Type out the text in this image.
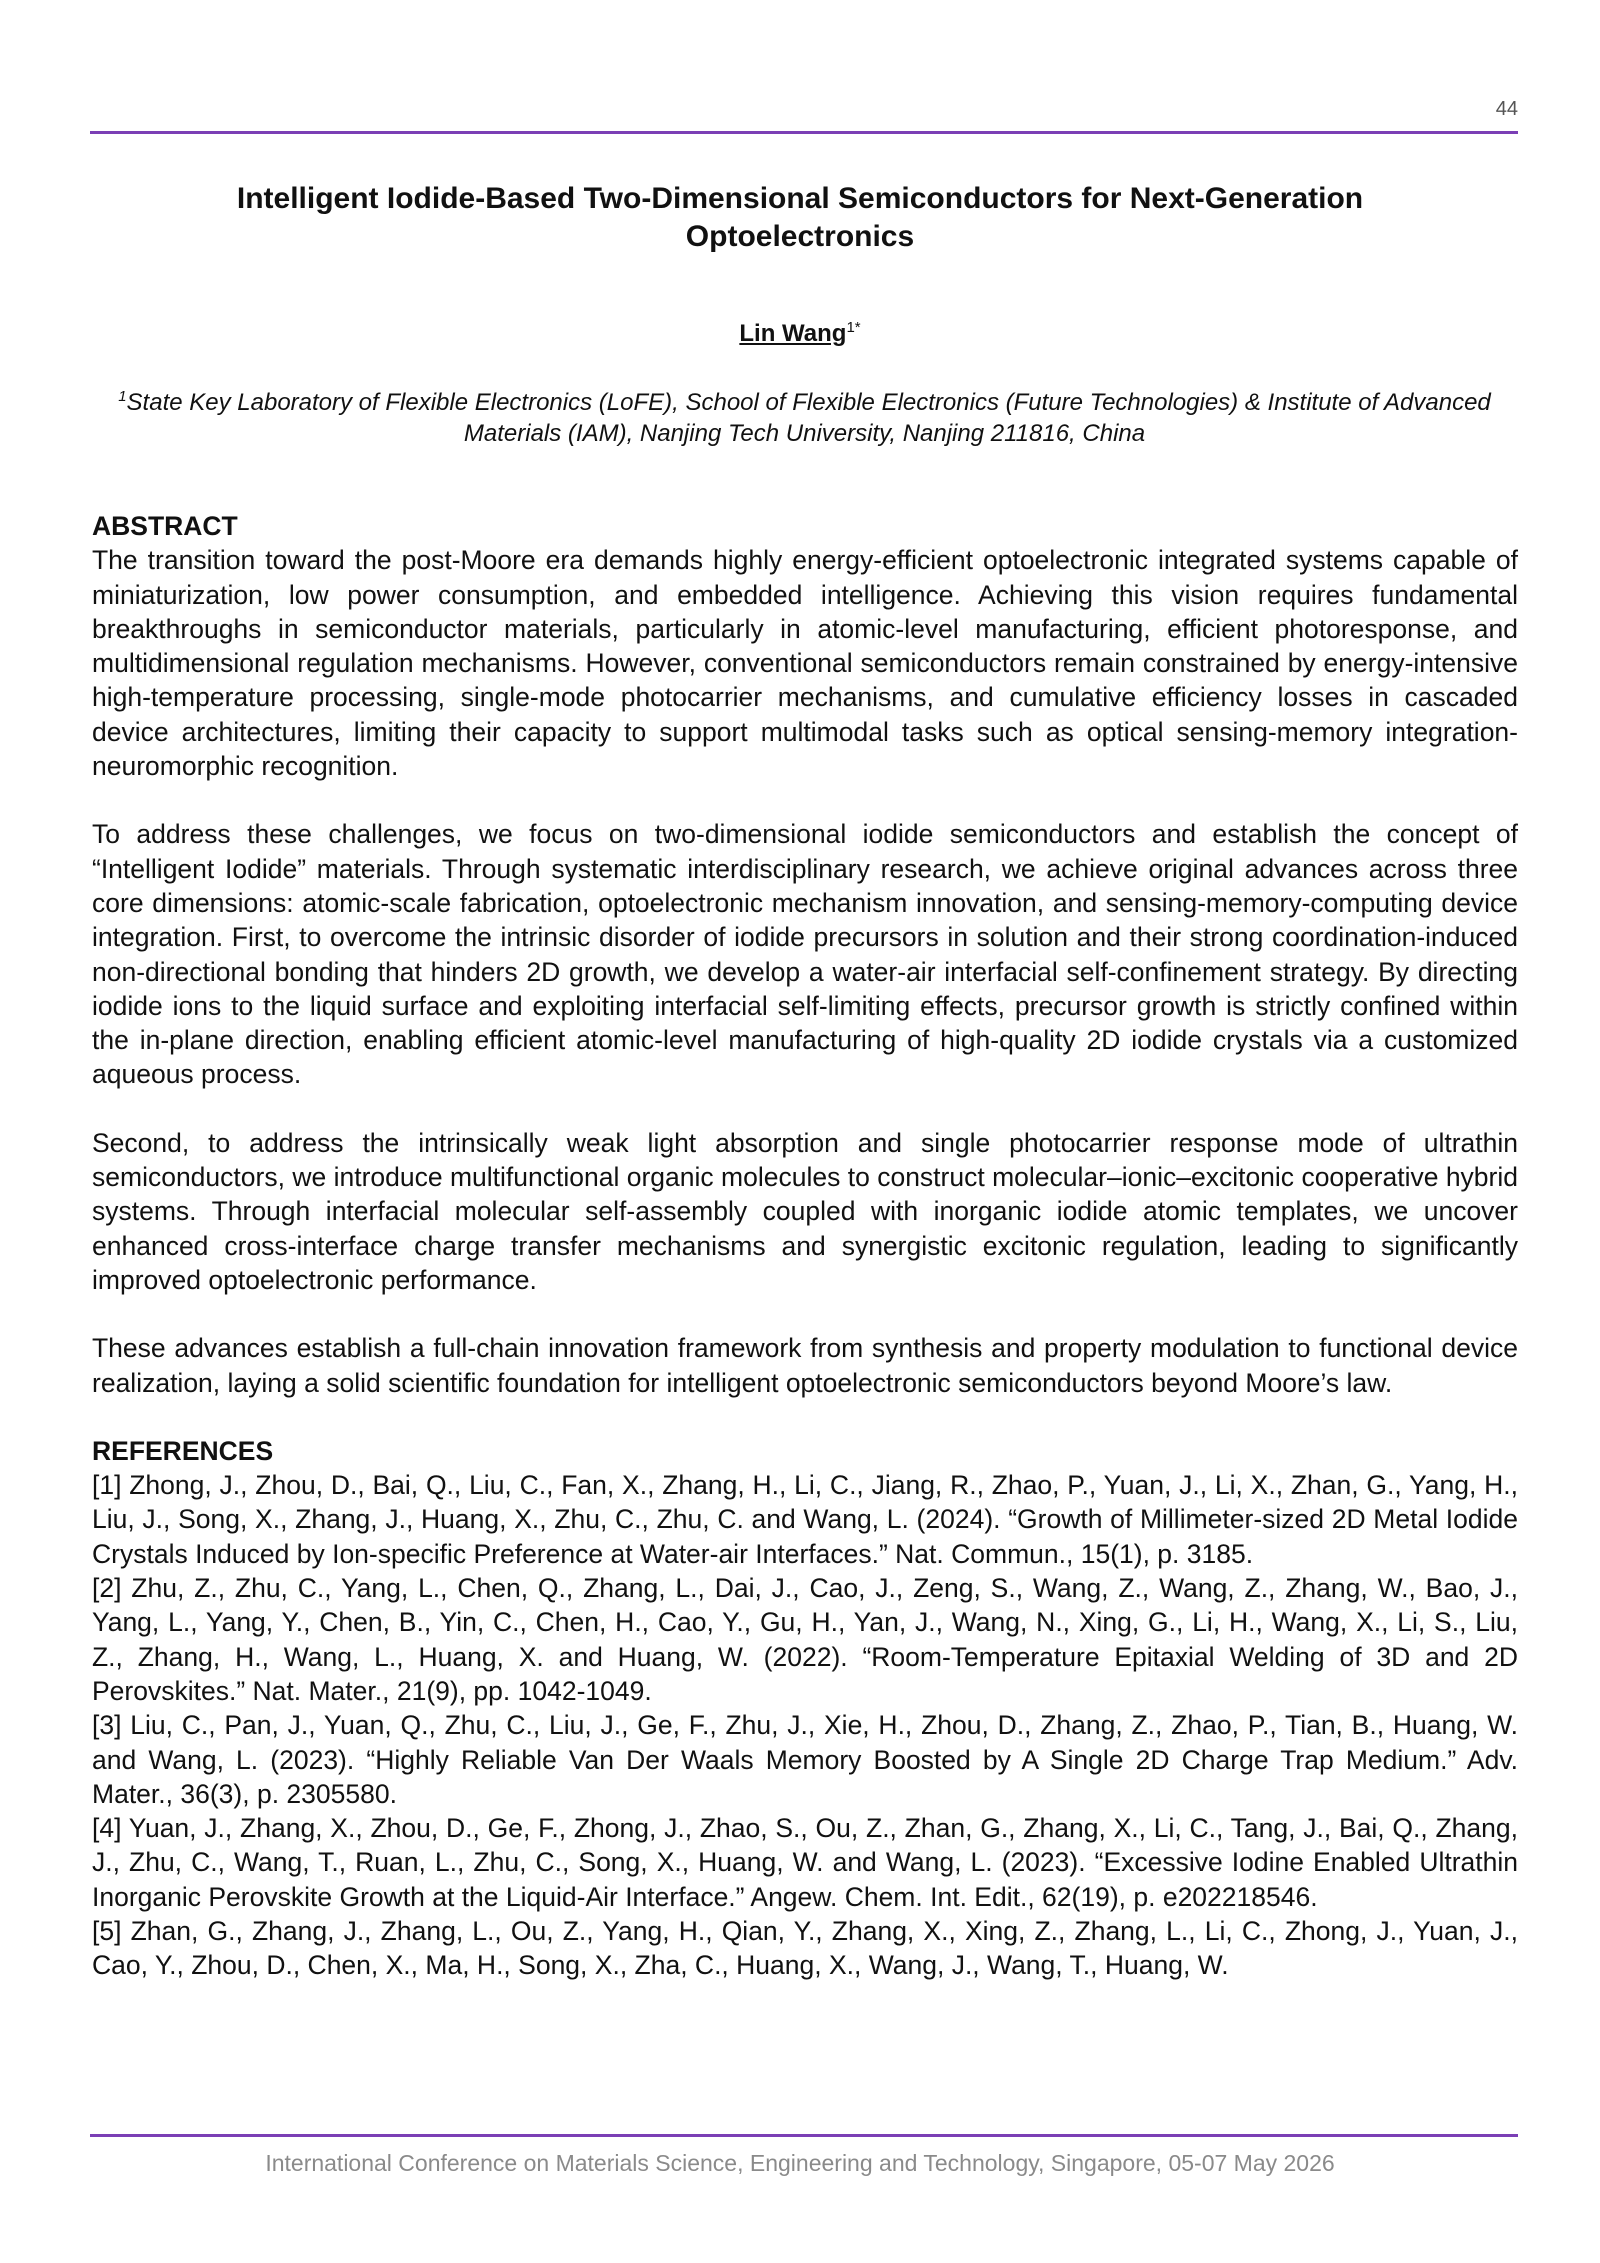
44
Intelligent Iodide-Based Two-Dimensional Semiconductors for Next-Generation Optoelectronics
Lin Wang$^{1*}$
$^1$State Key Laboratory of Flexible Electronics (LoFE), School of Flexible Electronics (Future Technologies) & Institute of Advanced Materials (IAM), Nanjing Tech University, Nanjing 211816, China
ABSTRACT

The transition toward the post-Moore era demands highly energy-efficient optoelectronic integrated systems capable of miniaturization, low power consumption, and embedded intelligence. Achieving this vision requires fundamental breakthroughs in semiconductor materials, particularly in atomic-level manufacturing, efficient photoresponse, and multidimensional regulation mechanisms. However, conventional semiconductors remain constrained by energy-intensive high-temperature processing, single-mode photocarrier mechanisms, and cumulative efficiency losses in cascaded device architectures, limiting their capacity to support multimodal tasks such as optical sensing-memory integration-neuromorphic recognition.

To address these challenges, we focus on two-dimensional iodide semiconductors and establish the concept of “Intelligent Iodide” materials. Through systematic interdisciplinary research, we achieve original advances across three core dimensions: atomic-scale fabrication, optoelectronic mechanism innovation, and sensing-memory-computing device integration. First, to overcome the intrinsic disorder of iodide precursors in solution and their strong coordination-induced non-directional bonding that hinders 2D growth, we develop a water-air interfacial self-confinement strategy. By directing iodide ions to the liquid surface and exploiting interfacial self-limiting effects, precursor growth is strictly confined within the in-plane direction, enabling efficient atomic-level manufacturing of high-quality 2D iodide crystals via a customized aqueous process.

Second, to address the intrinsically weak light absorption and single photocarrier response mode of ultrathin semiconductors, we introduce multifunctional organic molecules to construct molecular–ionic–excitonic cooperative hybrid systems. Through interfacial molecular self-assembly coupled with inorganic iodide atomic templates, we uncover enhanced cross-interface charge transfer mechanisms and synergistic excitonic regulation, leading to significantly improved optoelectronic performance.

These advances establish a full-chain innovation framework from synthesis and property modulation to functional device realization, laying a solid scientific foundation for intelligent optoelectronic semiconductors beyond Moore’s law.

REFERENCES

[1] Zhong, J., Zhou, D., Bai, Q., Liu, C., Fan, X., Zhang, H., Li, C., Jiang, R., Zhao, P., Yuan, J., Li, X., Zhan, G., Yang, H., Liu, J., Song, X., Zhang, J., Huang, X., Zhu, C., Zhu, C. and Wang, L. (2024). “Growth of Millimeter-sized 2D Metal Iodide Crystals Induced by Ion-specific Preference at Water-air Interfaces.” Nat. Commun., 15(1), p. 3185.

[2] Zhu, Z., Zhu, C., Yang, L., Chen, Q., Zhang, L., Dai, J., Cao, J., Zeng, S., Wang, Z., Wang, Z., Zhang, W., Bao, J., Yang, L., Yang, Y., Chen, B., Yin, C., Chen, H., Cao, Y., Gu, H., Yan, J., Wang, N., Xing, G., Li, H., Wang, X., Li, S., Liu, Z., Zhang, H., Wang, L., Huang, X. and Huang, W. (2022). “Room-Temperature Epitaxial Welding of 3D and 2D Perovskites.” Nat. Mater., 21(9), pp. 1042-1049.

[3] Liu, C., Pan, J., Yuan, Q., Zhu, C., Liu, J., Ge, F., Zhu, J., Xie, H., Zhou, D., Zhang, Z., Zhao, P., Tian, B., Huang, W. and Wang, L. (2023). “Highly Reliable Van Der Waals Memory Boosted by A Single 2D Charge Trap Medium.” Adv. Mater., 36(3), p. 2305580.

[4] Yuan, J., Zhang, X., Zhou, D., Ge, F., Zhong, J., Zhao, S., Ou, Z., Zhan, G., Zhang, X., Li, C., Tang, J., Bai, Q., Zhang, J., Zhu, C., Wang, T., Ruan, L., Zhu, C., Song, X., Huang, W. and Wang, L. (2023). “Excessive Iodine Enabled Ultrathin Inorganic Perovskite Growth at the Liquid-Air Interface.” Angew. Chem. Int. Edit., 62(19), p. e202218546.

[5] Zhan, G., Zhang, J., Zhang, L., Ou, Z., Yang, H., Qian, Y., Zhang, X., Xing, Z., Zhang, L., Li, C., Zhong, J., Yuan, J., Cao, Y., Zhou, D., Chen, X., Ma, H., Song, X., Zha, C., Huang, X., Wang, J., Wang, T., Huang, W.

International Conference on Materials Science, Engineering and Technology, Singapore, 05-07 May 2026
